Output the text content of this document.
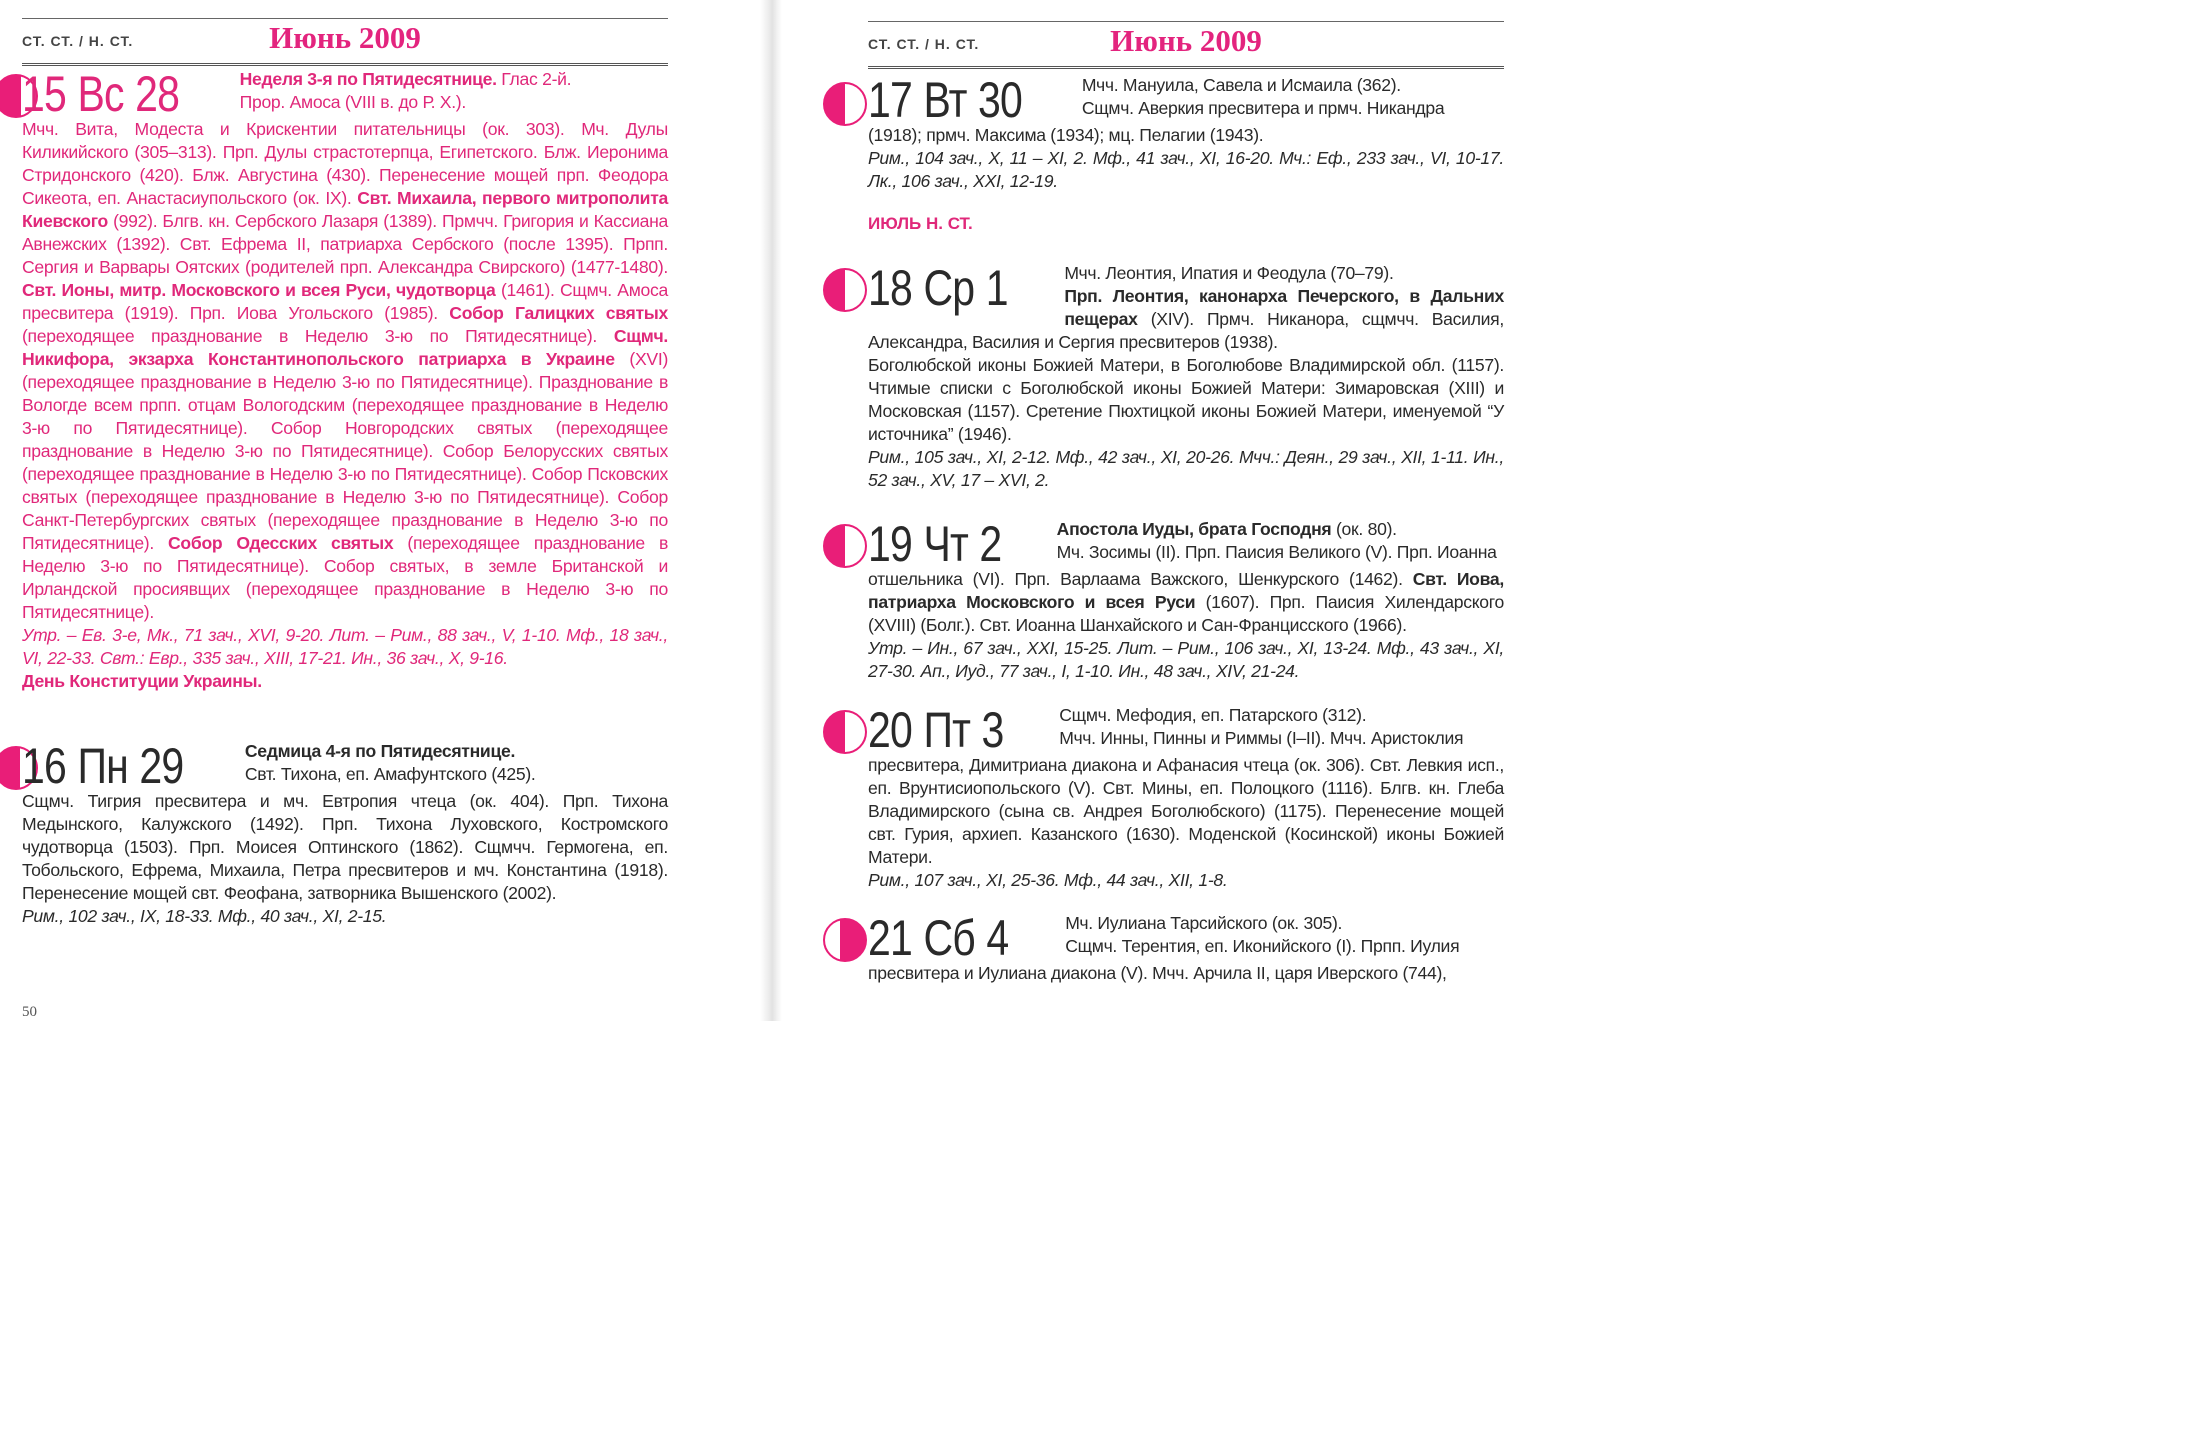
СТ. СТ. / Н. СТ.	Июнь 2009
15 Вс 28	Неделя 3-я по Пятидесятнице. Глас 2-й.
Прор. Амоса (VIII в. до Р. Х.).
Мчч. Вита, Модеста и Крискентии питательницы (ок. 303). Мч. Дулы Киликийского (305–313). Прп. Дулы страстотерпца, Египетского. Блж. Иеронима Стридонского (420). Блж. Августина (430). Перенесение мощей прп. Феодора Сикеота, еп. Анастасиупольского (ок. IX). Свт. Михаила, первого митрополита Киевского (992). Блгв. кн. Сербского Лазаря (1389). Прмчч. Григория и Кассиана Авнежских (1392). Свт. Ефрема II, патриарха Сербского (после 1395). Прпп. Сергия и Варвары Оятских (родителей прп. Александра Свирского) (1477-1480). Свт. Ионы, митр. Московского и всея Руси, чудотворца (1461). Сщмч. Амоса пресвитера (1919). Прп. Иова Угольского (1985). Собор Галицких святых (переходящее празднование в Неделю 3-ю по Пятидесятнице). Сщмч. Никифора, экзарха Константинопольского патриарха в Украине (XVI) (переходящее празднование в Неделю 3-ю по Пятидесятнице). Празднование в Вологде всем прпп. отцам Вологодским (переходящее празднование в Неделю 3-ю по Пятидесятнице). Собор Новгородских святых (переходящее празднование в Неделю 3-ю по Пятидесятнице). Собор Белорусских святых (переходящее празднование в Неделю 3-ю по Пятидесятнице). Собор Псковских святых (переходящее празднование в Неделю 3-ю по Пятидесятнице). Собор Санкт-Петербургских святых (переходящее празднование в Неделю 3-ю по Пятидесятнице). Собор Одесских святых (переходящее празднование в Неделю 3-ю по Пятидесятнице). Собор святых, в земле Британской и Ирландской просиявщих (переходящее празднование в Неделю 3-ю по Пятидесятнице).
Утр. – Ев. 3-е, Мк., 71 зач., XVI, 9-20. Лит. – Рим., 88 зач., V, 1-10. Мф., 18 зач., VI, 22-33. Свт.: Евр., 335 зач., XIII, 17-21. Ин., 36 зач., X, 9-16.
День Конституции Украины.
16 Пн 29	Седмица 4-я по Пятидесятнице.
Свт. Тихона, еп. Амафунтского (425).
Сщмч. Тигрия пресвитера и мч. Евтропия чтеца (ок. 404). Прп. Тихона Медынского, Калужского (1492). Прп. Тихона Луховского, Костромского чудотворца (1503). Прп. Моисея Оптинского (1862). Сщмчч. Гермогена, еп. Тобольского, Ефрема, Михаила, Петра пресвитеров и мч. Константина (1918). Перенесение мощей свт. Феофана, затворника Вышенского (2002).
Рим., 102 зач., IX, 18-33. Мф., 40 зач., XI, 2-15.
50
СТ. СТ. / Н. СТ.	Июнь 2009
17 Вт 30	Мчч. Мануила, Савела и Исмаила (362).
Сщмч. Аверкия пресвитера и прмч. Никандра
(1918); прмч. Максима (1934); мц. Пелагии (1943).
Рим., 104 зач., X, 11 – XI, 2. Мф., 41 зач., XI, 16-20. Мч.: Еф., 233 зач., VI, 10-17. Лк., 106 зач., XXI, 12-19.
ИЮЛЬ Н. СТ.
18 Ср 1	Мчч. Леонтия, Ипатия и Феодула (70–79).
Прп. Леонтия, канонарха Печерского, в Дальних пещерах (XIV). Прмч. Никанора, сщмчч. Василия, Александра, Василия и Сергия пресвитеров (1938).
Боголюбской иконы Божией Матери, в Боголюбове Владимирской обл. (1157). Чтимые списки с Боголюбской иконы Божией Матери: Зимаровская (XIII) и Московская (1157). Сретение Пюхтицкой иконы Божией Матери, именуемой “У источника” (1946).
Рим., 105 зач., XI, 2-12. Мф., 42 зач., XI, 20-26. Мчч.: Деян., 29 зач., XII, 1-11. Ин., 52 зач., XV, 17 – XVI, 2.
19 Чт 2	Апостола Иуды, брата Господня (ок. 80).
Мч. Зосимы (II). Прп. Паисия Великого (V). Прп. Иоанна
отшельника (VI). Прп. Варлаама Важского, Шенкурского (1462). Свт. Иова, патриарха Московского и всея Руси (1607). Прп. Паисия Хилендарского (XVIII) (Болг.). Свт. Иоанна Шанхайского и Сан-Францисского (1966).
Утр. – Ин., 67 зач., XXI, 15-25. Лит. – Рим., 106 зач., XI, 13-24. Мф., 43 зач., XI, 27-30. Ап., Иуд., 77 зач., I, 1-10. Ин., 48 зач., XIV, 21-24.
20 Пт 3	Сщмч. Мефодия, еп. Патарского (312).
Мчч. Инны, Пинны и Риммы (I–II). Мчч. Аристоклия
пресвитера, Димитриана диакона и Афанасия чтеца (ок. 306). Свт. Левкия исп., еп. Врунтисиопольского (V). Свт. Мины, еп. Полоцкого (1116). Блгв. кн. Глеба Владимирского (сына св. Андрея Боголюбского) (1175). Перенесение мощей свт. Гурия, архиеп. Казанского (1630). Моденской (Косинской) иконы Божией Матери.
Рим., 107 зач., XI, 25-36. Мф., 44 зач., XII, 1-8.
21 Сб 4	Мч. Иулиана Тарсийского (ок. 305).
Сщмч. Терентия, еп. Иконийского (I). Прпп. Иулия
пресвитера и Иулиана диакона (V). Мчч. Арчила II, царя Иверского (744),
